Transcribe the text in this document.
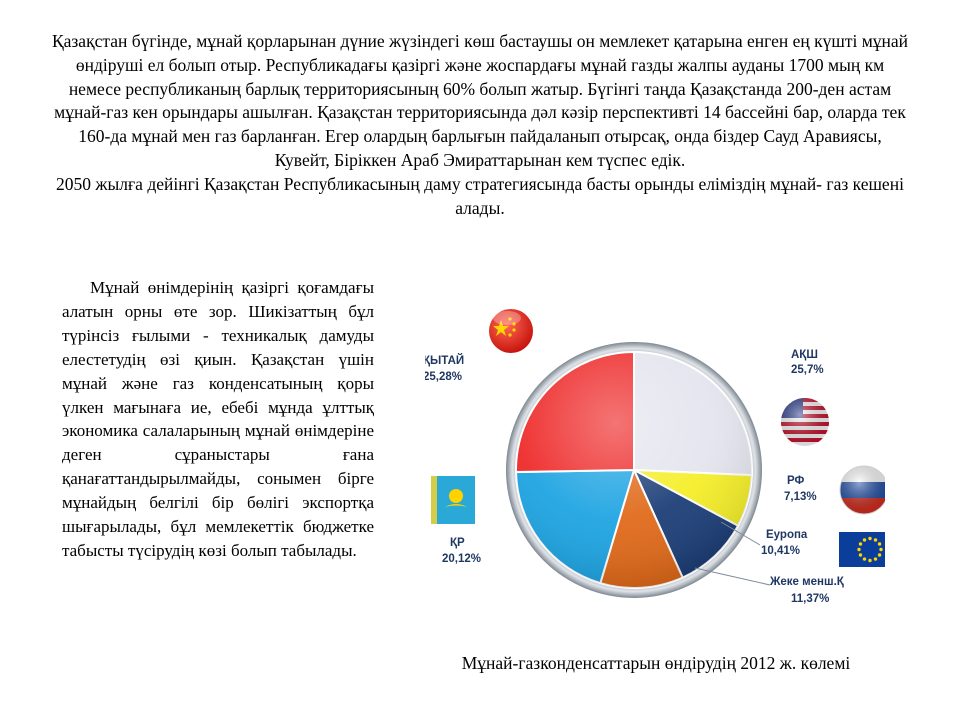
Қазақстан бүгінде, мұнай қорларынан дүние жүзіндегі көш бастаушы он мемлекет қатарына енген ең күшті мұнай өндіруші ел болып отыр. Республикадағы қазіргі және жоспардағы мұнай газды жалпы ауданы 1700 мың км немесе республиканың барлық территориясының 60% болып жатыр. Бүгінгі таңда Қазақстанда 200-ден астам мұнай-газ кен орындары ашылған. Қазақстан территориясында дәл кәзір перспективті 14 бассейні бар, оларда тек 160-да мұнай мен газ барланған. Егер олардың барлығын пайдаланып отырсақ, онда біздер Сауд Аравиясы, Кувейт, Біріккен Араб Эмираттарынан кем түспес едік.

2050 жылға дейінгі Қазақстан Республикасының даму стратегиясында басты орынды еліміздің мұнай- газ кешені алады.

Мұнай өнімдерінің қазіргі қоғамдағы алатын орны өте зор. Шикізаттың бұл түрінсіз ғылыми - техникалық дамуды елестетудің өзі қиын. Қазақстан үшін мұнай және газ конденсатының қоры үлкен мағынаға ие, ебебі мұнда ұлттық экономика салаларының мұнай өнімдеріне деген сұраныстары ғана қанағаттандырылмайды, сонымен бірге мұнайдың белгілі бір бөлігі экспортқа шығарылады, бұл мемлекеттік бюджетке табысты түсірудің көзі болып табылады.

АҚШ
25,7%
РФ
7,13%
Еуропа
10,41%
Жеке менш.Қ
11,37%
ҚР
20,12%
ҚЫТАЙ
25,28%
Мұнай-газконденсаттарын өндірудің 2012 ж. көлемі
